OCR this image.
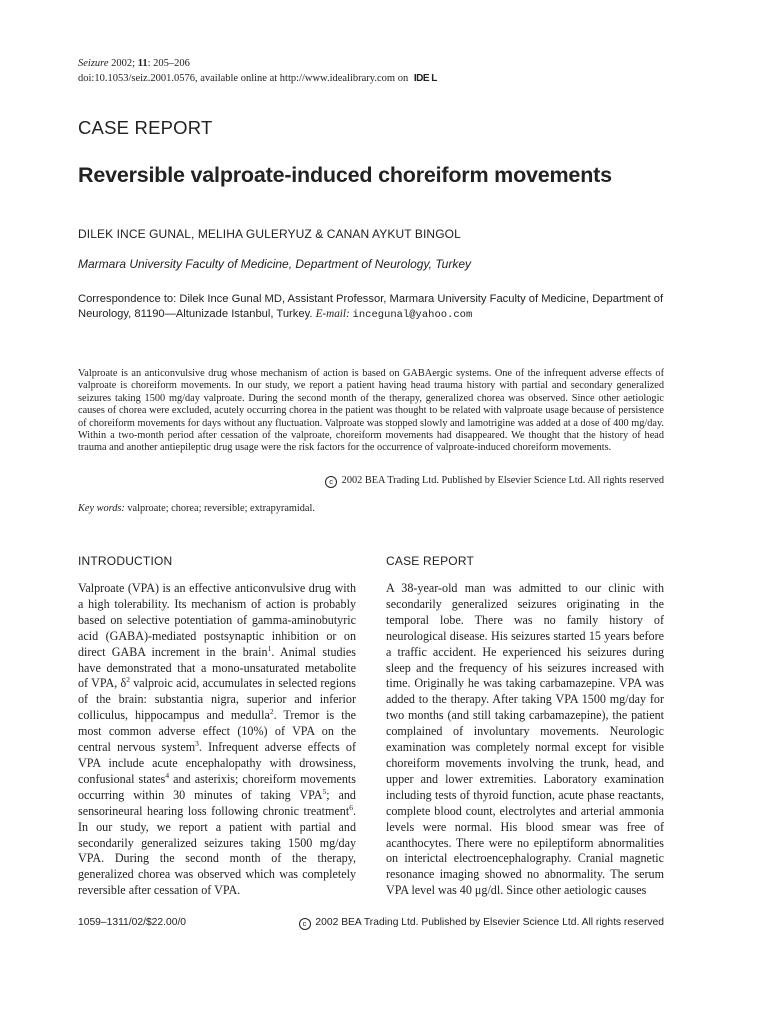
Seizure 2002; 11: 205–206
doi:10.1053/seiz.2001.0576, available online at http://www.idealibrary.com on IDE L
CASE REPORT
Reversible valproate-induced choreiform movements
DILEK INCE GUNAL, MELIHA GULERYUZ & CANAN AYKUT BINGOL
Marmara University Faculty of Medicine, Department of Neurology, Turkey
Correspondence to: Dilek Ince Gunal MD, Assistant Professor, Marmara University Faculty of Medicine, Department of Neurology, 81190—Altunizade Istanbul, Turkey. E-mail: incegunal@yahoo.com
Valproate is an anticonvulsive drug whose mechanism of action is based on GABAergic systems. One of the infrequent adverse effects of valproate is choreiform movements. In our study, we report a patient having head trauma history with partial and secondary generalized seizures taking 1500 mg/day valproate. During the second month of the therapy, generalized chorea was observed. Since other aetiologic causes of chorea were excluded, acutely occurring chorea in the patient was thought to be related with valproate usage because of persistence of choreiform movements for days without any fluctuation. Valproate was stopped slowly and lamotrigine was added at a dose of 400 mg/day. Within a two-month period after cessation of the valproate, choreiform movements had disappeared. We thought that the history of head trauma and another antiepileptic drug usage were the risk factors for the occurrence of valproate-induced choreiform movements.
c 2002 BEA Trading Ltd. Published by Elsevier Science Ltd. All rights reserved
Key words: valproate; chorea; reversible; extrapyramidal.
INTRODUCTION	CASE REPORT

Valproate (VPA) is an effective anticonvulsive drug with a high tolerability. Its mechanism of action is probably based on selective potentiation of gamma-aminobutyric acid (GABA)-mediated postsynaptic inhibition or on direct GABA increment in the brain$^1$. Animal studies have demonstrated that a mono-unsaturated metabolite of VPA, $\delta^2$ valproic acid, accumulates in selected regions of the brain: substantia nigra, superior and inferior colliculus, hippocampus and medulla$^2$. Tremor is the most common adverse effect (10%) of VPA on the central nervous system$^3$. Infrequent adverse effects of VPA include acute encephalopathy with drowsiness, confusional states$^4$ and asterixis; choreiform movements occurring within 30 minutes of taking VPA$^5$; and sensorineural hearing loss following chronic treatment$^6$. In our study, we report a patient with partial and secondarily generalized seizures taking 1500 mg/day VPA. During the second month of the therapy, generalized chorea was observed which was completely reversible after cessation of VPA.

A 38-year-old man was admitted to our clinic with secondarily generalized seizures originating in the temporal lobe. There was no family history of neurological disease. His seizures started 15 years before a traffic accident. He experienced his seizures during sleep and the frequency of his seizures increased with time. Originally he was taking carbamazepine. VPA was added to the therapy. After taking VPA 1500 mg/day for two months (and still taking carbamazepine), the patient complained of involuntary movements. Neurologic examination was completely normal except for visible choreiform movements involving the trunk, head, and upper and lower extremities. Laboratory examination including tests of thyroid function, acute phase reactants, complete blood count, electrolytes and arterial ammonia levels were normal. His blood smear was free of acanthocytes. There were no epileptiform abnormalities on interictal electroencephalography. Cranial magnetic resonance imaging showed no abnormality. The serum VPA level was 40 μg/dl. Since other aetiologic causes

1059–1311/02/$22.00/0	c 2002 BEA Trading Ltd. Published by Elsevier Science Ltd. All rights reserved
